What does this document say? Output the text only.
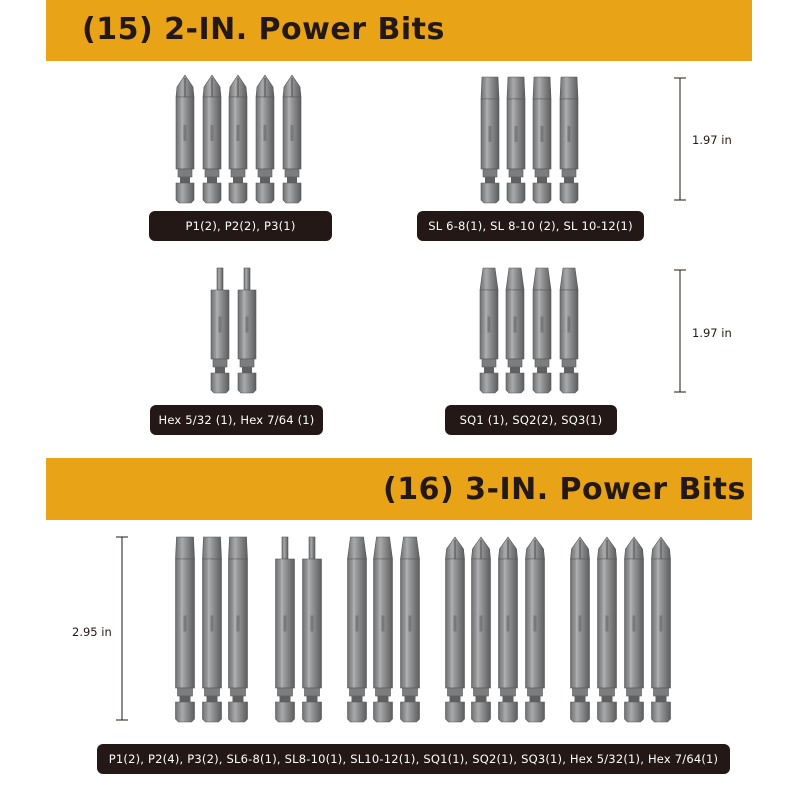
(15) 2-IN. Power Bits
(16) 3-IN. Power Bits
P1(2), P2(2), P3(1)	SL 6-8(1), SL 8-10 (2), SL 10-12(1)
Hex 5/32 (1), Hex 7/64 (1)	SQ1 (1), SQ2(2), SQ3(1)
P1(2), P2(4), P3(2), SL6-8(1), SL8-10(1), SL10-12(1), SQ1(1), SQ2(1), SQ3(1), Hex 5/32(1), Hex 7/64(1)
1.97 in
1.97 in
2.95 in
